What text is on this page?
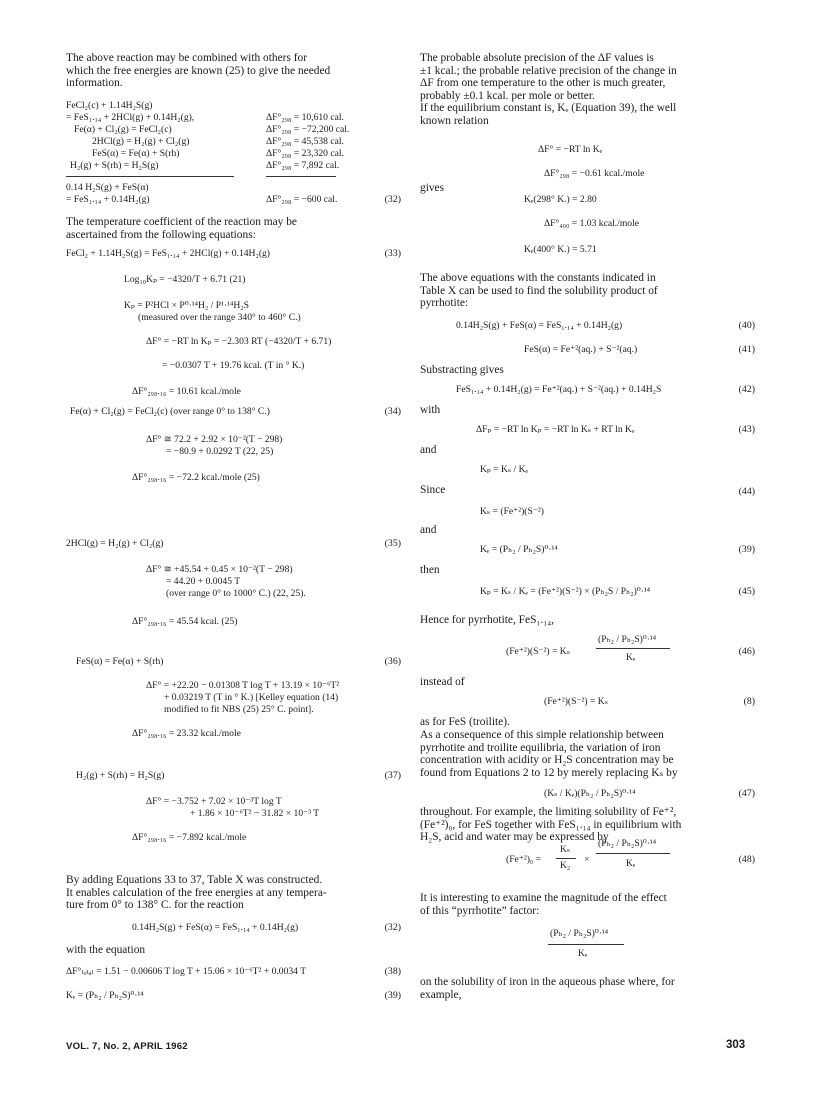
The above reaction may be combined with others for
which the free energies are known (25) to give the needed
information.
FeCl₂(c) + 1.14H₂S(g)
= FeS₁.₁₄ + 2HCl(g) + 0.14H₂(g),	ΔF°₂₉₈ = 10,610 cal.
Fe(α) + Cl₂(g) = FeCl₂(c)	ΔF°₂₉₈ = −72,200 cal.
2HCl(g) = H₂(g) + Cl₂(g)	ΔF°₂₉₈ = 45,538 cal.
FeS(α) = Fe(α) + S(rh)	ΔF°₂₉₈ = 23,320 cal.
H₂(g) + S(rh) = H₂S(g)	ΔF°₂₉₈ = 7,892 cal.
0.14 H₂S(g) + FeS(α)
= FeS₁.₁₄ + 0.14H₂(g)	ΔF°₂₉₈ = −600 cal.	(32)
The temperature coefficient of the reaction may be
ascertained from the following equations:
FeCl₂ + 1.14H₂S(g) = FeS₁.₁₄ + 2HCl(g) + 0.14H₂(g)	(33)
Log₁₀Kₚ = −4320/T + 6.71 (21)
Kₚ = P²HCl × P⁰·¹⁴H₂ / P¹·¹⁴H₂S
(measured over the range 340° to 460° C.)
ΔF° = −RT ln Kₚ = −2.303 RT (−4320/T + 6.71)
= −0.0307 T + 19.76 kcal. (T in ° K.)
ΔF°₂₉₈.₁₆ = 10.61 kcal./mole
Fe(α) + Cl₂(g) = FeCl₂(c) (over range 0° to 138° C.)	(34)
ΔF° ≅ 72.2 + 2.92 × 10⁻²(T − 298)
= −80.9 + 0.0292 T (22, 25)
ΔF°₂₉₈.₁₆ = −72.2 kcal./mole (25)
2HCl(g) = H₂(g) + Cl₂(g)	(35)
ΔF° ≅ +45.54 + 0.45 × 10⁻²(T − 298)
= 44.20 + 0.0045 T
(over range 0° to 1000° C.) (22, 25).
ΔF°₂₉₈.₁₆ = 45.54 kcal. (25)
FeS(α) = Fe(α) + S(rh)	(36)
ΔF° = +22.20 − 0.01308 T log T + 13.19 × 10⁻⁶T²
+ 0.03219 T (T in ° K.) [Kelley equation (14)
modified to fit NBS (25) 25° C. point].
ΔF°₂₉₈.₁₆ = 23.32 kcal./mole
H₂(g) + S(rh) = H₂S(g)	(37)
ΔF° = −3.752 + 7.02 × 10⁻³T log T
+ 1.86 × 10⁻⁶T² − 31.82 × 10⁻³ T
ΔF°₂₉₈.₁₆ = −7.892 kcal./mole
By adding Equations 33 to 37, Table X was constructed.
It enables calculation of the free energies at any tempera-
ture from 0° to 138° C. for the reaction
0.14H₂S(g) + FeS(α) = FeS₁.₁₄ + 0.14H₂(g)	(32)
with the equation
ΔF°ₜₒₜₐₗ = 1.51 − 0.00606 T log T + 15.06 × 10⁻⁶T² + 0.0034 T	(38)
Kₑ = (Pₕ₂ / Pₕ₂S)⁰·¹⁴	(39)
The probable absolute precision of the ΔF values is
±1 kcal.; the probable relative precision of the change in
ΔF from one temperature to the other is much greater,
probably ±0.1 kcal. per mole or better.
If the equilibrium constant is, Kₑ (Equation 39), the well
known relation
ΔF° = −RT ln Kₑ
ΔF°₂₉₈ = −0.61 kcal./mole
gives
Kₑ(298° K.) = 2.80
ΔF°₄₀₀ = 1.03 kcal./mole
Kₑ(400° K.) = 5.71
The above equations with the constants indicated in
Table X can be used to find the solubility product of
pyrrhotite:
0.14H₂S(g) + FeS(α) = FeS₁.₁₄ + 0.14H₂(g)	(40)
FeS(α) = Fe⁺²(aq.) + S⁻²(aq.)	(41)
Substracting gives
FeS₁.₁₄ + 0.14H₂(g) = Fe⁺²(aq.) + S⁻²(aq.) + 0.14H₂S	(42)
with
ΔFₚ = −RT ln Kₚ = −RT ln Kₛ + RT ln Kₑ	(43)
and
Kₚ = Kₛ / Kₑ
Since	(44)
Kₛ = (Fe⁺²)(S⁻²)
and
Kₑ = (Pₕ₂ / Pₕ₂S)⁰·¹⁴	(39)
then
Kₚ = Kₛ / Kₑ = (Fe⁺²)(S⁻²) × (Pₕ₂S / Pₕ₂)⁰·¹⁴	(45)
Hence for pyrrhotite, FeS₁.₁₄,
(Fe⁺²)(S⁻²) = Kₛ
(Pₕ₂ / Pₕ₂S)⁰·¹⁴
Kₑ
(46)
instead of
(Fe⁺²)(S⁻²) = Kₛ	(8)
as for FeS (troilite).
As a consequence of this simple relationship between
pyrrhotite and troilite equilibria, the variation of iron
concentration with acidity or H₂S concentration may be
found from Equations 2 to 12 by merely replacing Kₛ by
(Kₛ / Kₑ)(Pₕ₂ / Pₕ₂S)⁰·¹⁴	(47)
throughout. For example, the limiting solubility of Fe⁺²,
(Fe⁺²)₀, for FeS together with FeS₁.₁₄ in equilibrium with
H₂S, acid and water may be expressed by
(Fe⁺²)₀ =
Kₛ
K₂
×
(Pₕ₂ / Pₕ₂S)⁰·¹⁴
Kₑ	(48)
It is interesting to examine the magnitude of the effect
of this “pyrrhotite” factor:
(Pₕ₂ / Pₕ₂S)⁰·¹⁴
Kₑ
on the solubility of iron in the aqueous phase where, for
example,
VOL. 7, No. 2, APRIL 1962	303
